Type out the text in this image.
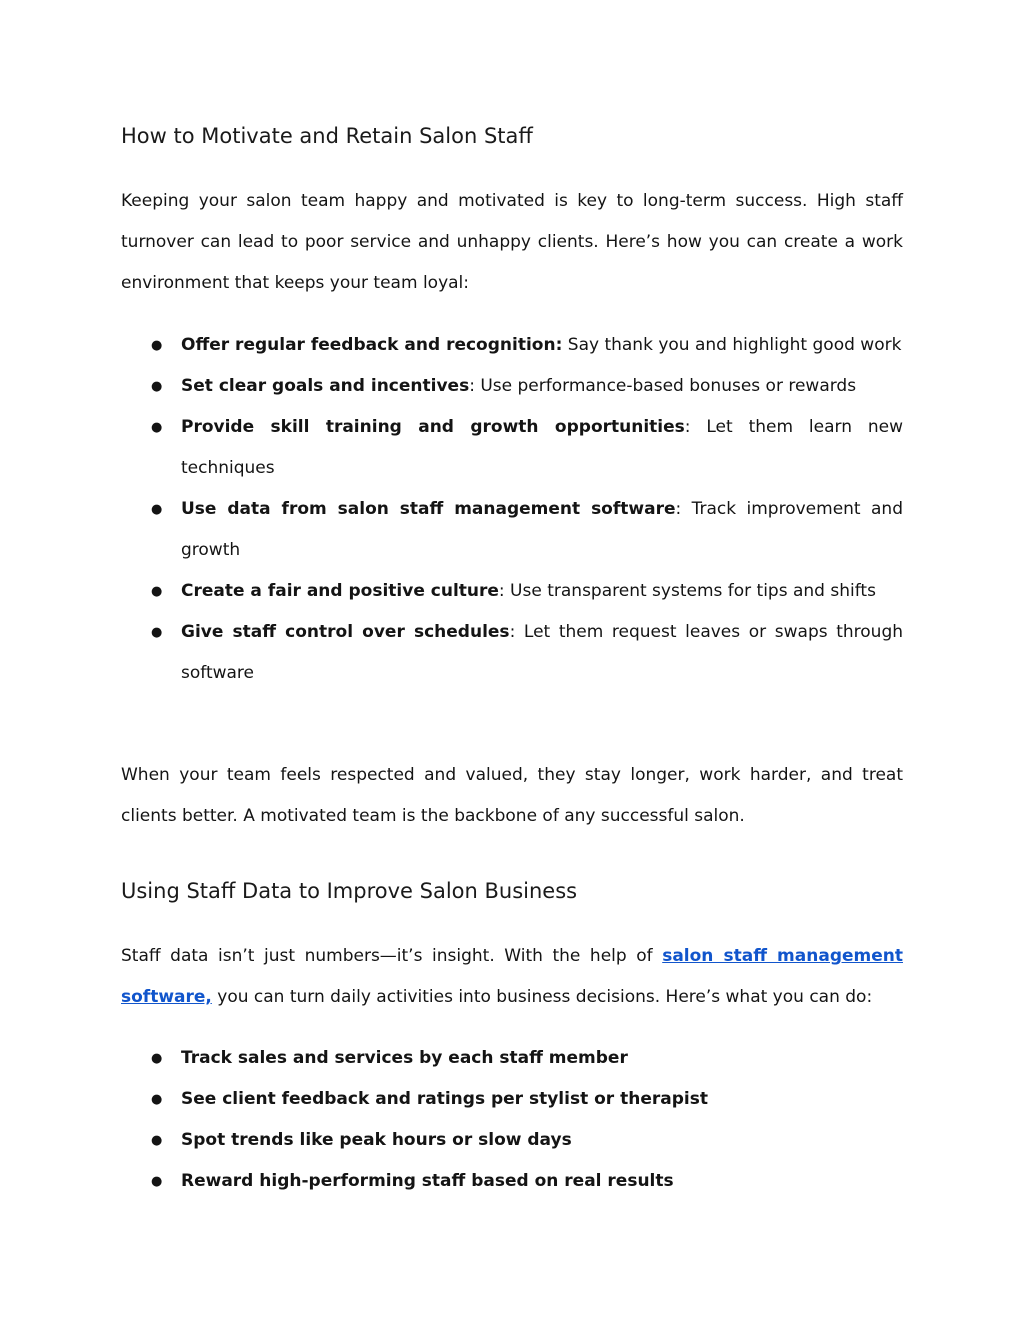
How to Motivate and Retain Salon Staff

Keeping your salon team happy and motivated is key to long-term success. High staff turnover can lead to poor service and unhappy clients. Here’s how you can create a work environment that keeps your team loyal:

● Offer regular feedback and recognition: Say thank you and highlight good work
● Set clear goals and incentives: Use performance-based bonuses or rewards
● Provide skill training and growth opportunities: Let them learn new techniques
● Use data from salon staff management software: Track improvement and growth
● Create a fair and positive culture: Use transparent systems for tips and shifts
● Give staff control over schedules: Let them request leaves or swaps through software

When your team feels respected and valued, they stay longer, work harder, and treat clients better. A motivated team is the backbone of any successful salon.

Using Staff Data to Improve Salon Business

Staff data isn’t just numbers—it’s insight. With the help of salon staff management software, you can turn daily activities into business decisions. Here’s what you can do:

● Track sales and services by each staff member
● See client feedback and ratings per stylist or therapist
● Spot trends like peak hours or slow days
● Reward high-performing staff based on real results
